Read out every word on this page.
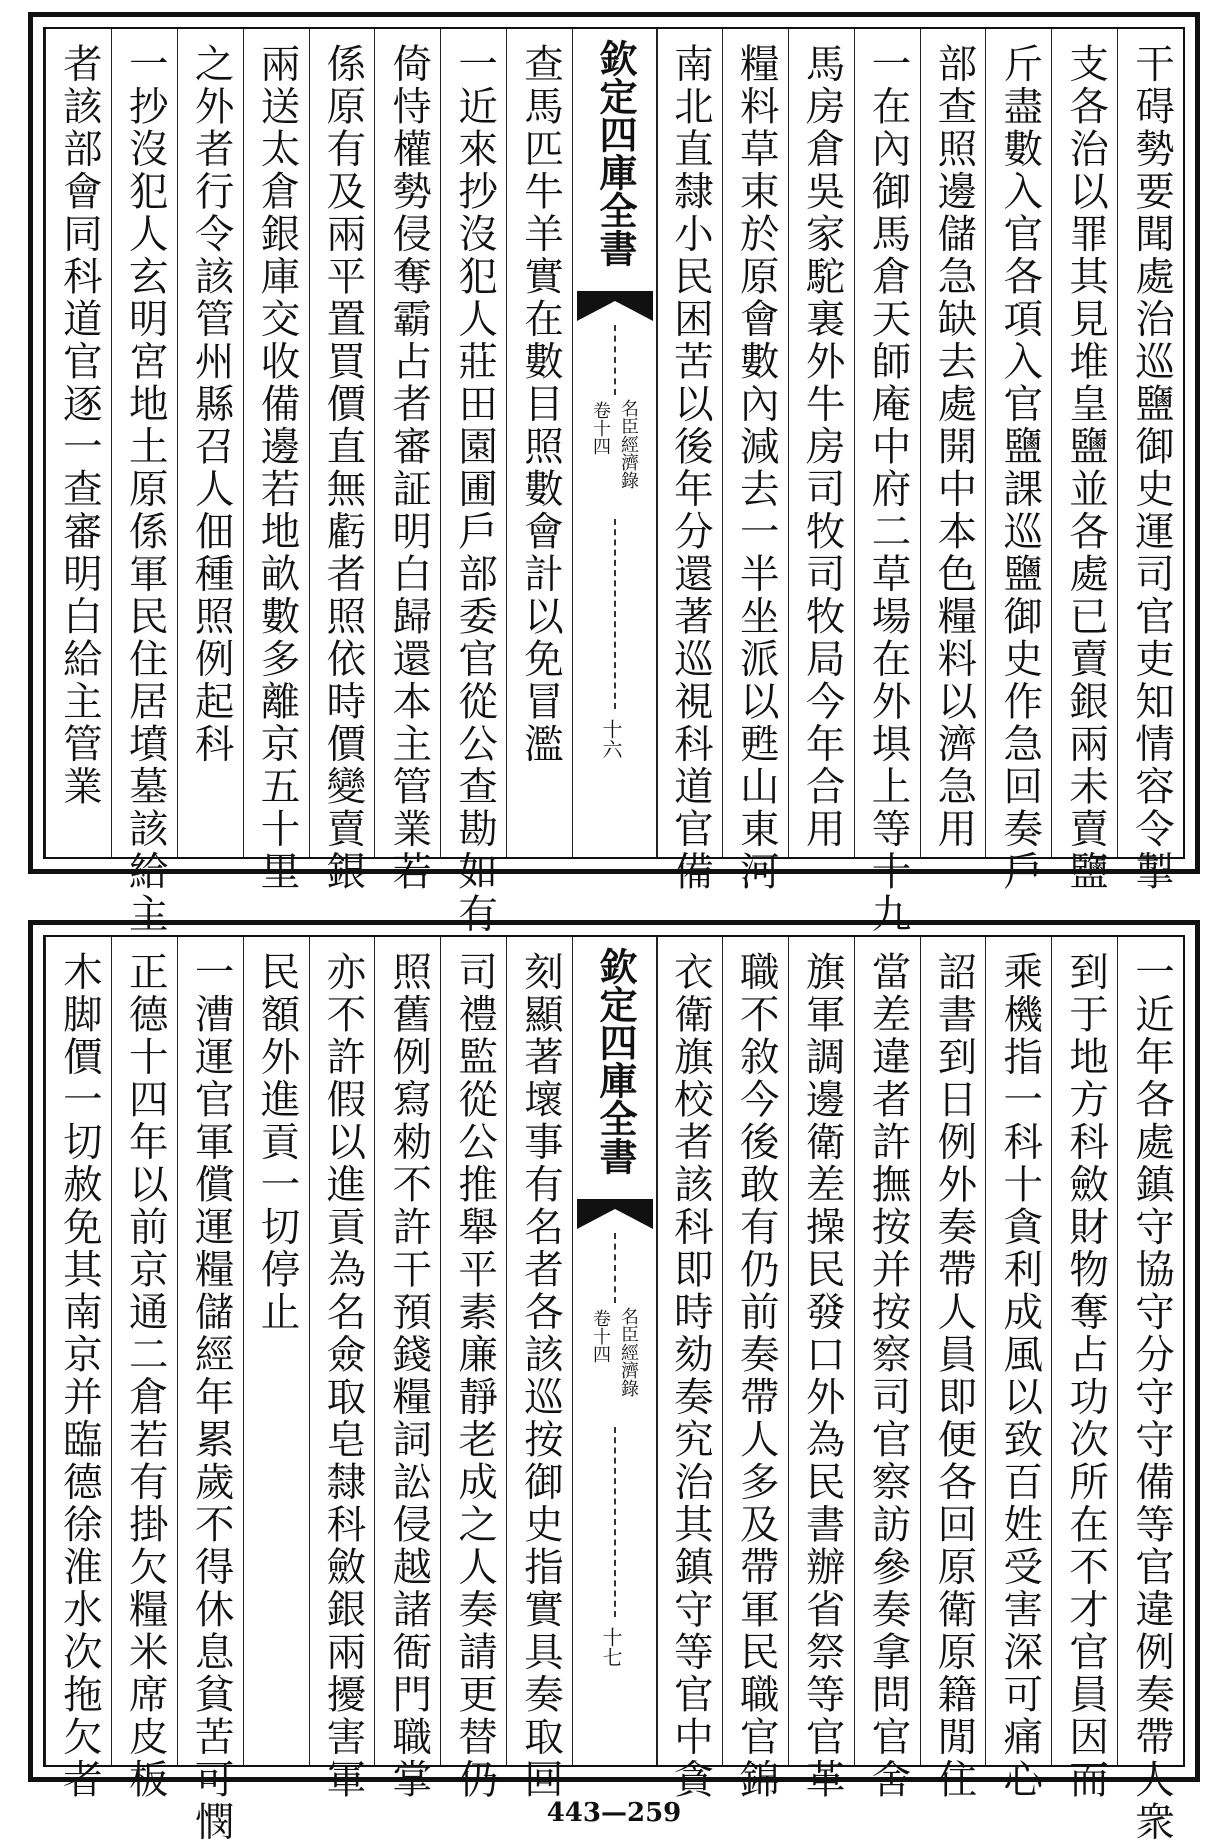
欽定四庫全書
名臣經濟錄
卷十四
十六
者該部會同科道官逐一查審明白給主管業 一抄沒犯人玄明宮地土原係軍民住居墳墓該給主 之外者行令該管州縣召人佃種照例起科 兩送太倉銀庫交收備邊若地畝數多離京五十里 係原有及兩平置買價直無虧者照依時價變賣銀 倚恃權勢侵奪霸占者審証明白歸還本主管業若 一近來抄沒犯人莊田園圃戶部委官從公查勘如有 查馬匹牛羊實在數目照數會計以免冒濫	南北直隸小民困苦以後年分還著巡視科道官備 糧料草束於原會數內減去一半坐派以甦山東河 馬房倉吳家駝裏外牛房司牧司牧局今年合用 一在內御馬倉天師庵中府二草場在外埧上等十九 部查照邊儲急缺去處開中本色糧料以濟急用 斤盡數入官各項入官鹽課巡鹽御史作急回奏戶 支各治以罪其見堆皇鹽並各處已賣銀兩未賣鹽 干碍勢要聞處治巡鹽御史運司官吏知情容令掣
欽定四庫全書
名臣經濟錄
卷十四
十七
木脚價一切赦免其南京并臨德徐淮水次拖欠者 正德十四年以前京通二倉若有掛欠糧米席皮板 一漕運官軍償運糧儲經年累歲不得休息貧苦可憫 民額外進貢一切停止 亦不許假以進貢為名僉取皂隸科斂銀兩擾害軍 照舊例寫勑不許干預錢糧詞訟侵越諸衙門職掌 司禮監從公推舉平素廉靜老成之人奏請更替仍 刻顯著壞事有名者各該巡按御史指實具奏取回	衣衛旗校者該科即時劾奏究治其鎮守等官中貪 職不敘今後敢有仍前奏帶人多及帶軍民職官錦 旗軍調邊衛差操民發口外為民書辦省祭等官革 當差違者許撫按并按察司官察訪參奏拿問官舍 詔書到日例外奏帶人員即便各回原衛原籍閒住 乘機指一科十貪利成風以致百姓受害深可痛心 到于地方科斂財物奪占功次所在不才官員因而 一近年各處鎮守協守分守守備等官違例奏帶人衆
443—259
